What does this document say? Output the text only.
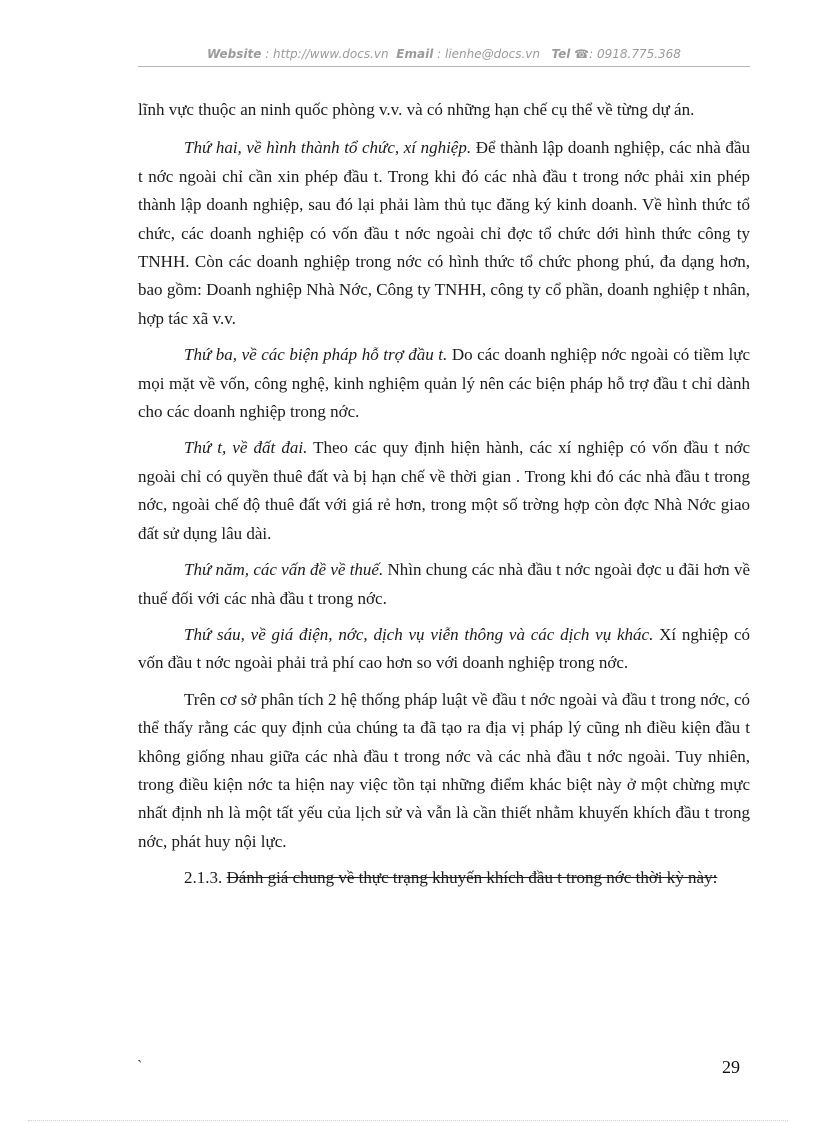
Website : http://www.docs.vn Email : lienhe@docs.vn Tel ☎: 0918.775.368

lĩnh vực thuộc an ninh quốc phòng v.v. và có những hạn chế cụ thể về từng dự án.

Thứ hai, về hình thành tổ chức, xí nghiệp. Để thành lập doanh nghiệp, các nhà đầu t nớc ngoài chỉ cần xin phép đầu t. Trong khi đó các nhà đầu t trong nớc phải xin phép thành lập doanh nghiệp, sau đó lại phải làm thủ tục đăng ký kinh doanh. Về hình thức tổ chức, các doanh nghiệp có vốn đầu t nớc ngoài chỉ đợc tổ chức dới hình thức công ty TNHH. Còn các doanh nghiệp trong nớc có hình thức tổ chức phong phú, đa dạng hơn, bao gồm: Doanh nghiệp Nhà Nớc, Công ty TNHH, công ty cổ phần, doanh nghiệp t nhân, hợp tác xã v.v.

Thứ ba, về các biện pháp hỗ trợ đầu t. Do các doanh nghiệp nớc ngoài có tiềm lực mọi mặt về vốn, công nghệ, kinh nghiệm quản lý nên các biện pháp hỗ trợ đầu t chỉ dành cho các doanh nghiệp trong nớc.

Thứ t, về đất đai. Theo các quy định hiện hành, các xí nghiệp có vốn đầu t nớc ngoài chỉ có quyền thuê đất và bị hạn chế về thời gian . Trong khi đó các nhà đầu t trong nớc, ngoài chế độ thuê đất với giá rẻ hơn, trong một số trờng hợp còn đợc Nhà Nớc giao đất sử dụng lâu dài.

Thứ năm, các vấn đề về thuế. Nhìn chung các nhà đầu t nớc ngoài đợc u đãi hơn về thuế đối với các nhà đầu t trong nớc.

Thứ sáu, về giá điện, nớc, dịch vụ viễn thông và các dịch vụ khác. Xí nghiệp có vốn đầu t nớc ngoài phải trả phí cao hơn so với doanh nghiệp trong nớc.

Trên cơ sở phân tích 2 hệ thống pháp luật về đầu t nớc ngoài và đầu t trong nớc, có thể thấy rằng các quy định của chúng ta đã tạo ra địa vị pháp lý cũng nh điều kiện đầu t không giống nhau giữa các nhà đầu t trong nớc và các nhà đầu t nớc ngoài. Tuy nhiên, trong điều kiện nớc ta hiện nay việc tồn tại những điểm khác biệt này ở một chừng mực nhất định nh là một tất yếu của lịch sử và vẫn là cần thiết nhằm khuyến khích đầu t trong nớc, phát huy nội lực.

2.1.3. Đánh giá chung về thực trạng khuyến khích đầu t trong nớc thời kỳ này:

`	29
